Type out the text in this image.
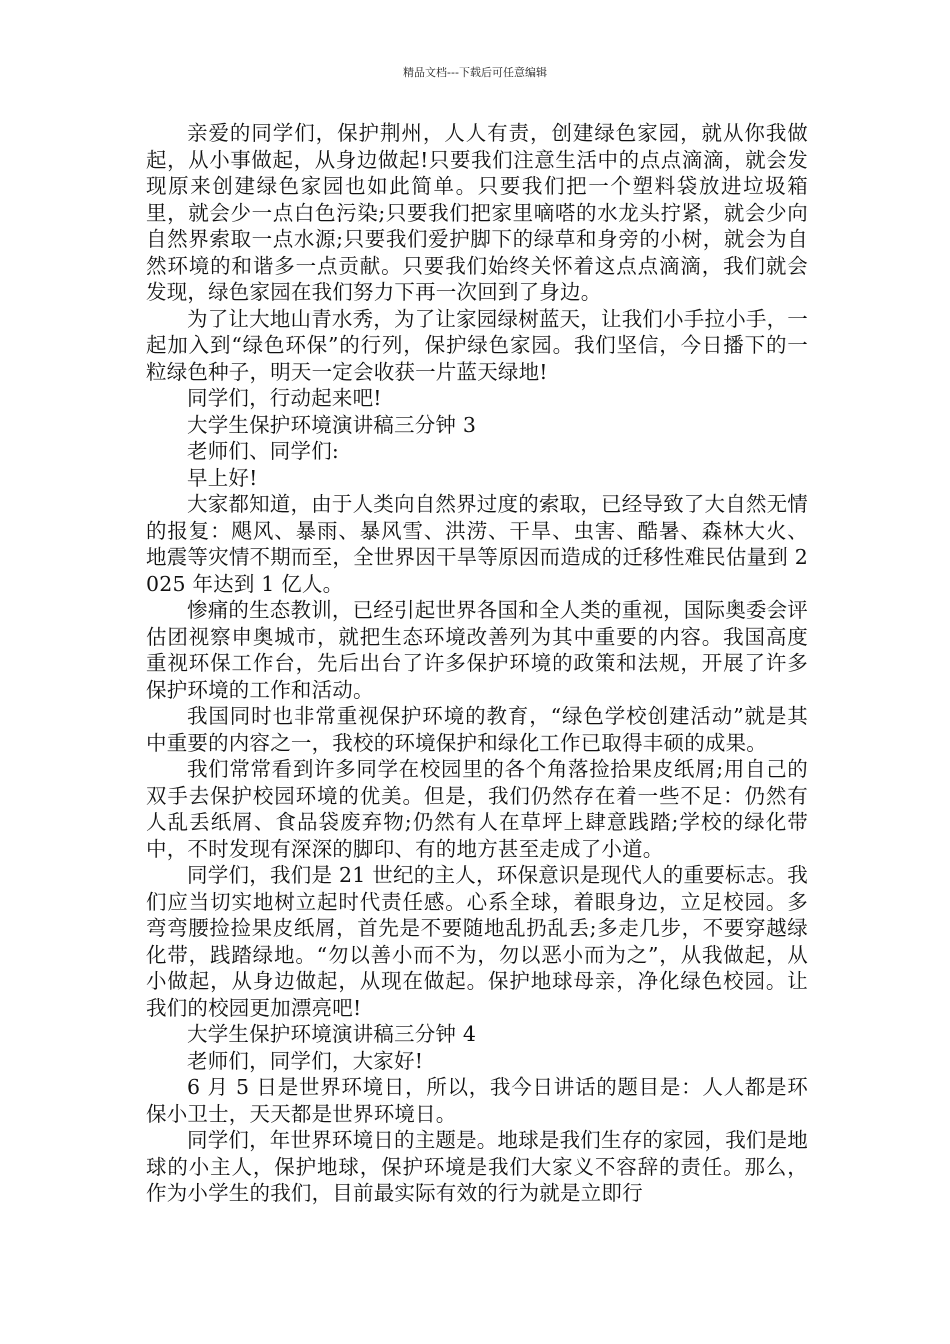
精品文档---下载后可任意编辑

亲爱的同学们，保护荆州，人人有责，创建绿色家园，就从你我做起，从小事做起，从身边做起!只要我们注意生活中的点点滴滴，就会发现原来创建绿色家园也如此简单。只要我们把一个塑料袋放进垃圾箱里，就会少一点白色污染;只要我们把家里嘀嗒的水龙头拧紧，就会少向自然界索取一点水源;只要我们爱护脚下的绿草和身旁的小树，就会为自然环境的和谐多一点贡献。只要我们始终关怀着这点点滴滴，我们就会发现，绿色家园在我们努力下再一次回到了身边。

为了让大地山青水秀，为了让家园绿树蓝天，让我们小手拉小手，一起加入到“绿色环保”的行列，保护绿色家园。我们坚信，今日播下的一粒绿色种子，明天一定会收获一片蓝天绿地!

同学们，行动起来吧!

大学生保护环境演讲稿三分钟 3

老师们、同学们:

早上好!

大家都知道，由于人类向自然界过度的索取，已经导致了大自然无情的报复：飓风、暴雨、暴风雪、洪涝、干旱、虫害、酷暑、森林大火、地震等灾情不期而至，全世界因干旱等原因而造成的迁移性难民估量到 2025 年达到 1 亿人。

惨痛的生态教训，已经引起世界各国和全人类的重视，国际奥委会评估团视察申奥城市，就把生态环境改善列为其中重要的内容。我国高度重视环保工作台，先后出台了许多保护环境的政策和法规，开展了许多保护环境的工作和活动。

我国同时也非常重视保护环境的教育，“绿色学校创建活动”就是其中重要的内容之一，我校的环境保护和绿化工作已取得丰硕的成果。

我们常常看到许多同学在校园里的各个角落捡拾果皮纸屑;用自己的双手去保护校园环境的优美。但是，我们仍然存在着一些不足：仍然有人乱丢纸屑、食品袋废弃物;仍然有人在草坪上肆意践踏;学校的绿化带中，不时发现有深深的脚印、有的地方甚至走成了小道。

同学们，我们是 21 世纪的主人，环保意识是现代人的重要标志。我们应当切实地树立起时代责任感。心系全球，着眼身边，立足校园。多弯弯腰捡捡果皮纸屑，首先是不要随地乱扔乱丢;多走几步，不要穿越绿化带，践踏绿地。“勿以善小而不为，勿以恶小而为之”，从我做起，从小做起，从身边做起，从现在做起。保护地球母亲，净化绿色校园。让我们的校园更加漂亮吧!

大学生保护环境演讲稿三分钟 4

老师们，同学们，大家好!

6 月 5 日是世界环境日，所以，我今日讲话的题目是：人人都是环保小卫士，天天都是世界环境日。

同学们，年世界环境日的主题是。地球是我们生存的家园，我们是地球的小主人，保护地球，保护环境是我们大家义不容辞的责任。那么，作为小学生的我们，目前最实际有效的行为就是立即行
